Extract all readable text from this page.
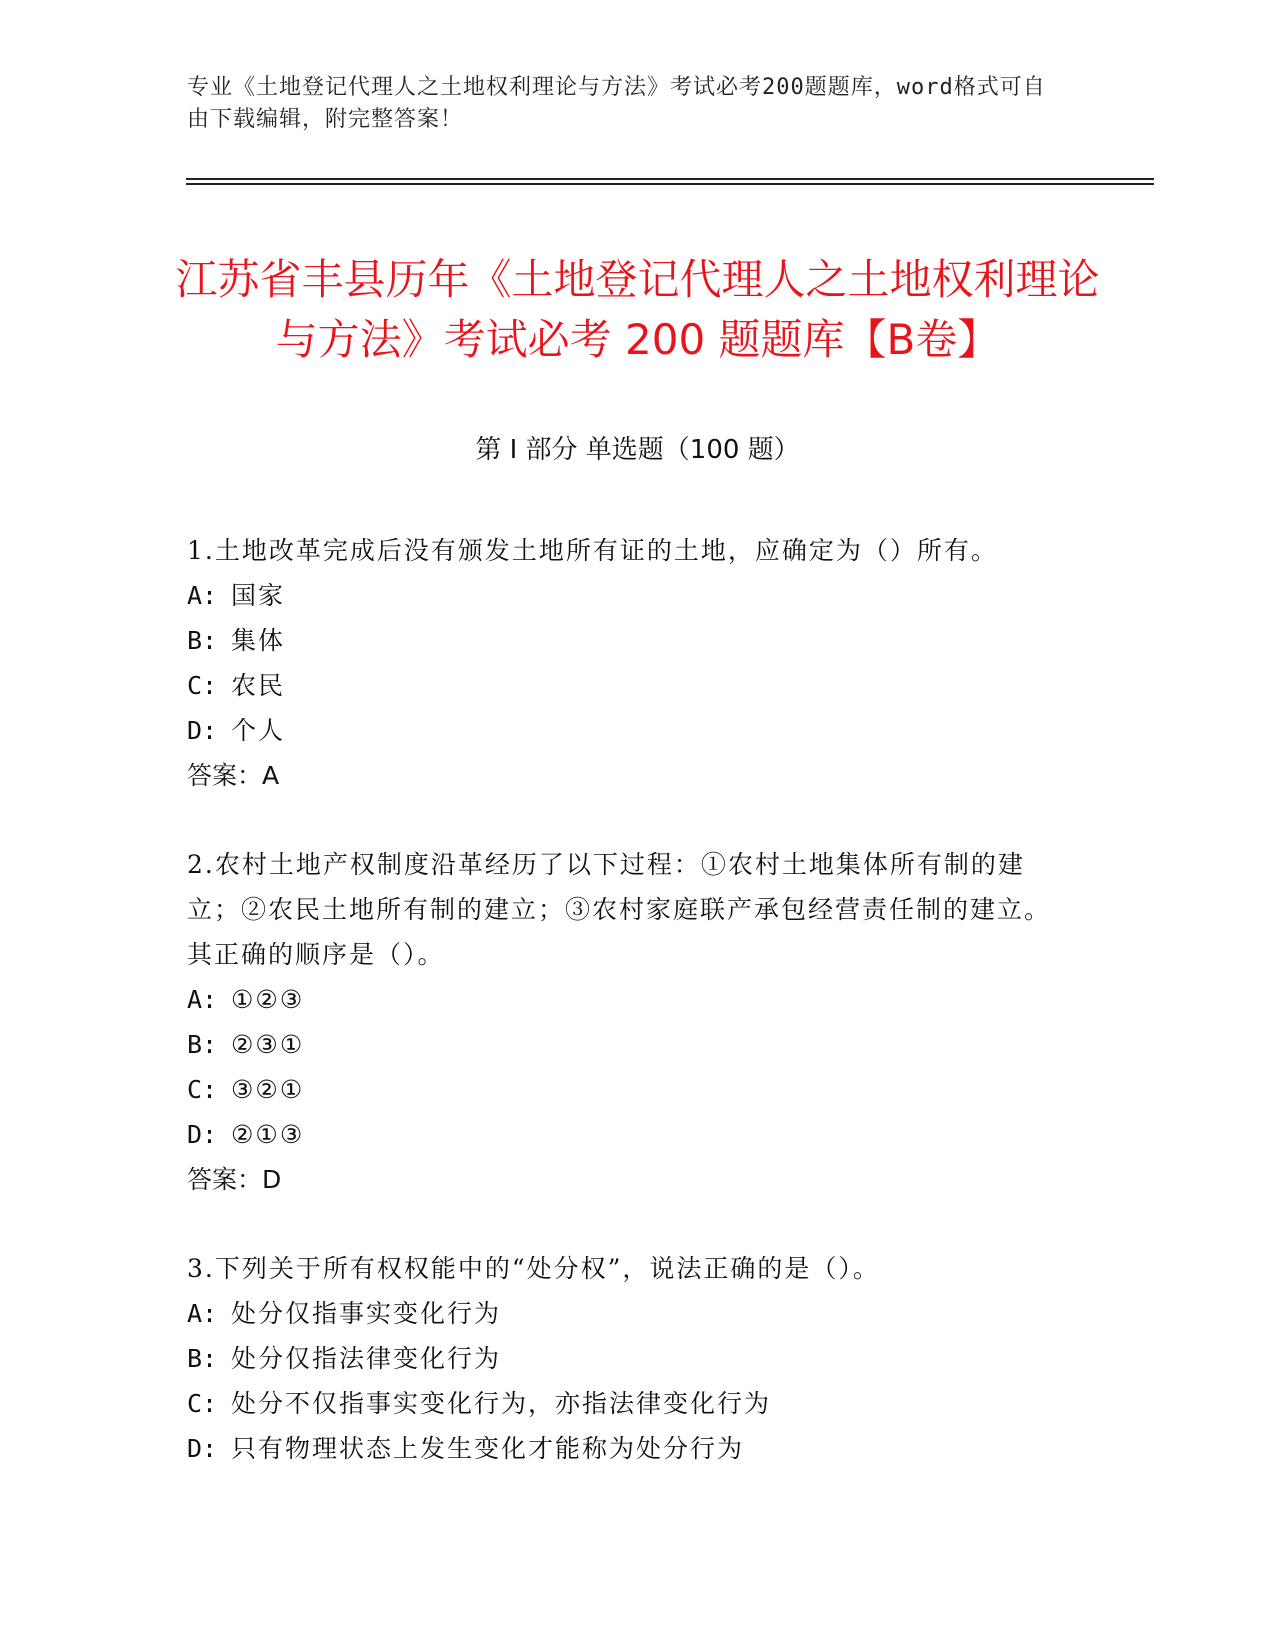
专业《土地登记代理人之土地权利理论与方法》考试必考200题题库，word格式可自由下载编辑，附完整答案！
江苏省丰县历年《土地登记代理人之土地权利理论与方法》考试必考 200 题题库【B卷】
第 I 部分 单选题（100 题）

1.土地改革完成后没有颁发土地所有证的土地，应确定为（）所有。

A: 国家

B: 集体

C: 农民

D: 个人

答案：A

2.农村土地产权制度沿革经历了以下过程：①农村土地集体所有制的建立；②农民土地所有制的建立；③农村家庭联产承包经营责任制的建立。其正确的顺序是（）。

A: ①②③

B: ②③①

C: ③②①

D: ②①③

答案：D

3.下列关于所有权权能中的“处分权”，说法正确的是（）。

A: 处分仅指事实变化行为

B: 处分仅指法律变化行为

C: 处分不仅指事实变化行为，亦指法律变化行为

D: 只有物理状态上发生变化才能称为处分行为
